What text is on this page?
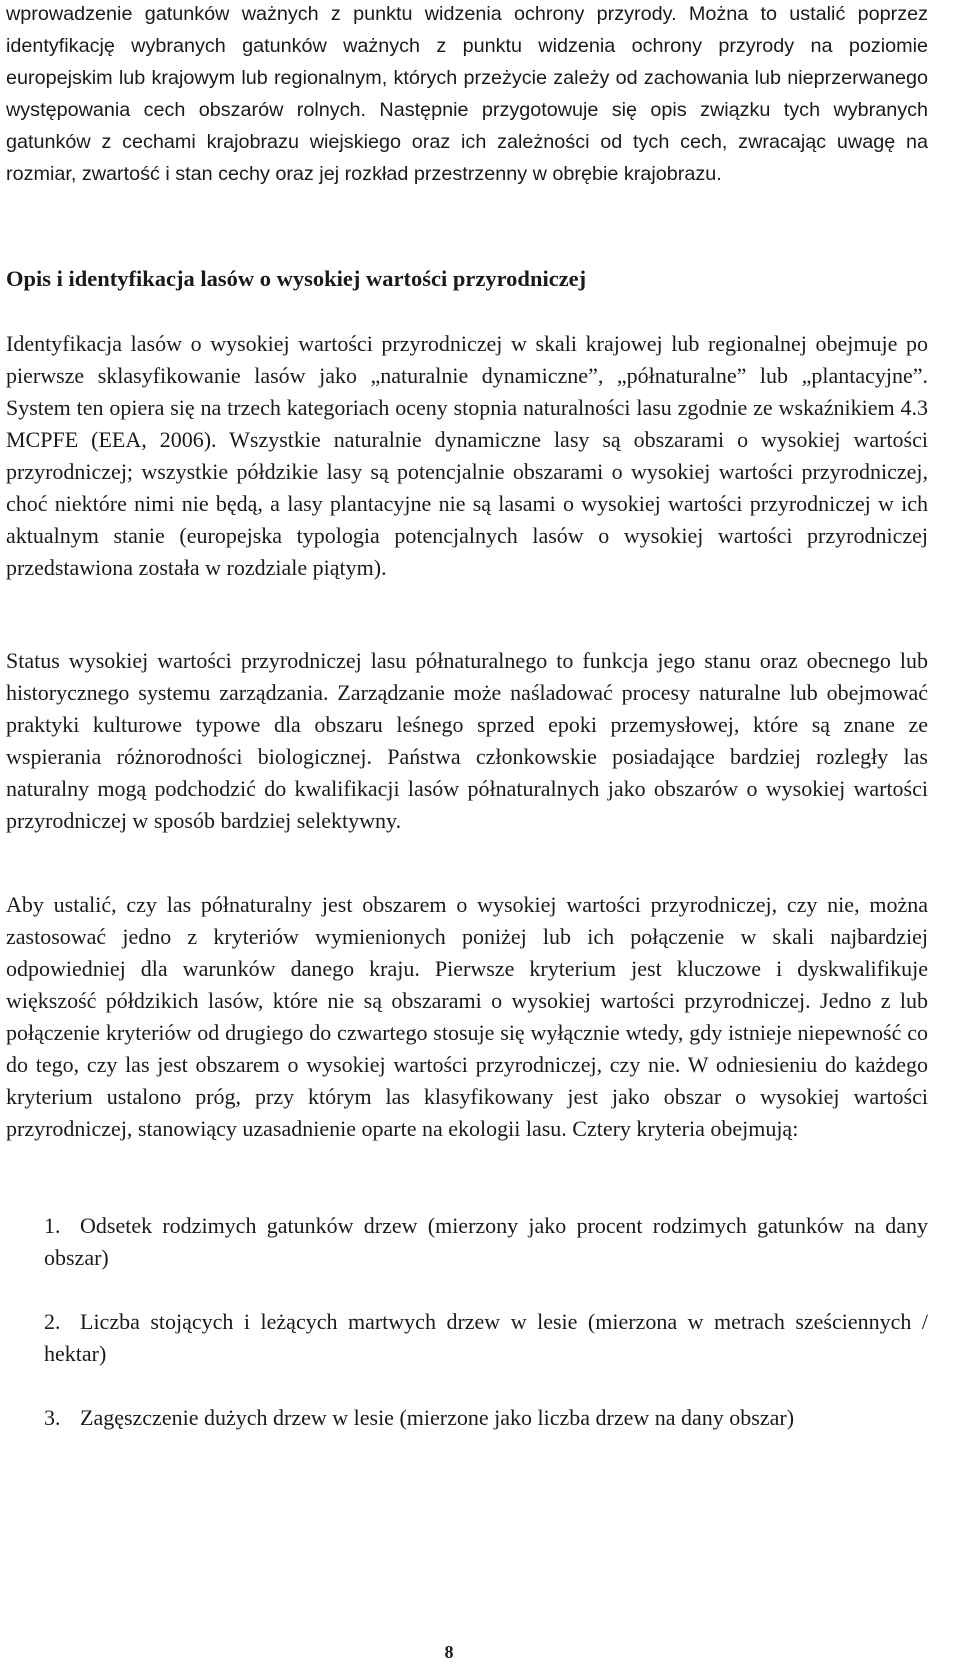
wprowadzenie gatunków ważnych z punktu widzenia ochrony przyrody. Można to ustalić poprzez identyfikację wybranych gatunków ważnych z punktu widzenia ochrony przyrody na poziomie europejskim lub krajowym lub regionalnym, których przeżycie zależy od zachowania lub nieprzerwanego występowania cech obszarów rolnych. Następnie przygotowuje się opis związku tych wybranych gatunków z cechami krajobrazu wiejskiego oraz ich zależności od tych cech, zwracając uwagę na rozmiar, zwartość i stan cechy oraz jej rozkład przestrzenny w obrębie krajobrazu.

Opis i identyfikacja lasów o wysokiej wartości przyrodniczej

Identyfikacja lasów o wysokiej wartości przyrodniczej w skali krajowej lub regionalnej obejmuje po pierwsze sklasyfikowanie lasów jako „naturalnie dynamiczne”, „półnaturalne” lub „plantacyjne”. System ten opiera się na trzech kategoriach oceny stopnia naturalności lasu zgodnie ze wskaźnikiem 4.3 MCPFE (EEA, 2006). Wszystkie naturalnie dynamiczne lasy są obszarami o wysokiej wartości przyrodniczej; wszystkie półdzikie lasy są potencjalnie obszarami o wysokiej wartości przyrodniczej, choć niektóre nimi nie będą, a lasy plantacyjne nie są lasami o wysokiej wartości przyrodniczej w ich aktualnym stanie (europejska typologia potencjalnych lasów o wysokiej wartości przyrodniczej przedstawiona została w rozdziale piątym).

Status wysokiej wartości przyrodniczej lasu półnaturalnego to funkcja jego stanu oraz obecnego lub historycznego systemu zarządzania. Zarządzanie może naśladować procesy naturalne lub obejmować praktyki kulturowe typowe dla obszaru leśnego sprzed epoki przemysłowej, które są znane ze wspierania różnorodności biologicznej. Państwa członkowskie posiadające bardziej rozległy las naturalny mogą podchodzić do kwalifikacji lasów półnaturalnych jako obszarów o wysokiej wartości przyrodniczej w sposób bardziej selektywny.

Aby ustalić, czy las półnaturalny jest obszarem o wysokiej wartości przyrodniczej, czy nie, można zastosować jedno z kryteriów wymienionych poniżej lub ich połączenie w skali najbardziej odpowiedniej dla warunków danego kraju. Pierwsze kryterium jest kluczowe i dyskwalifikuje większość półdzikich lasów, które nie są obszarami o wysokiej wartości przyrodniczej. Jedno z lub połączenie kryteriów od drugiego do czwartego stosuje się wyłącznie wtedy, gdy istnieje niepewność co do tego, czy las jest obszarem o wysokiej wartości przyrodniczej, czy nie. W odniesieniu do każdego kryterium ustalono próg, przy którym las klasyfikowany jest jako obszar o wysokiej wartości przyrodniczej, stanowiący uzasadnienie oparte na ekologii lasu. Cztery kryteria obejmują:

1. Odsetek rodzimych gatunków drzew (mierzony jako procent rodzimych gatunków na dany obszar)

2. Liczba stojących i leżących martwych drzew w lesie (mierzona w metrach sześciennych / hektar)

3. Zagęszczenie dużych drzew w lesie (mierzone jako liczba drzew na dany obszar)

8
